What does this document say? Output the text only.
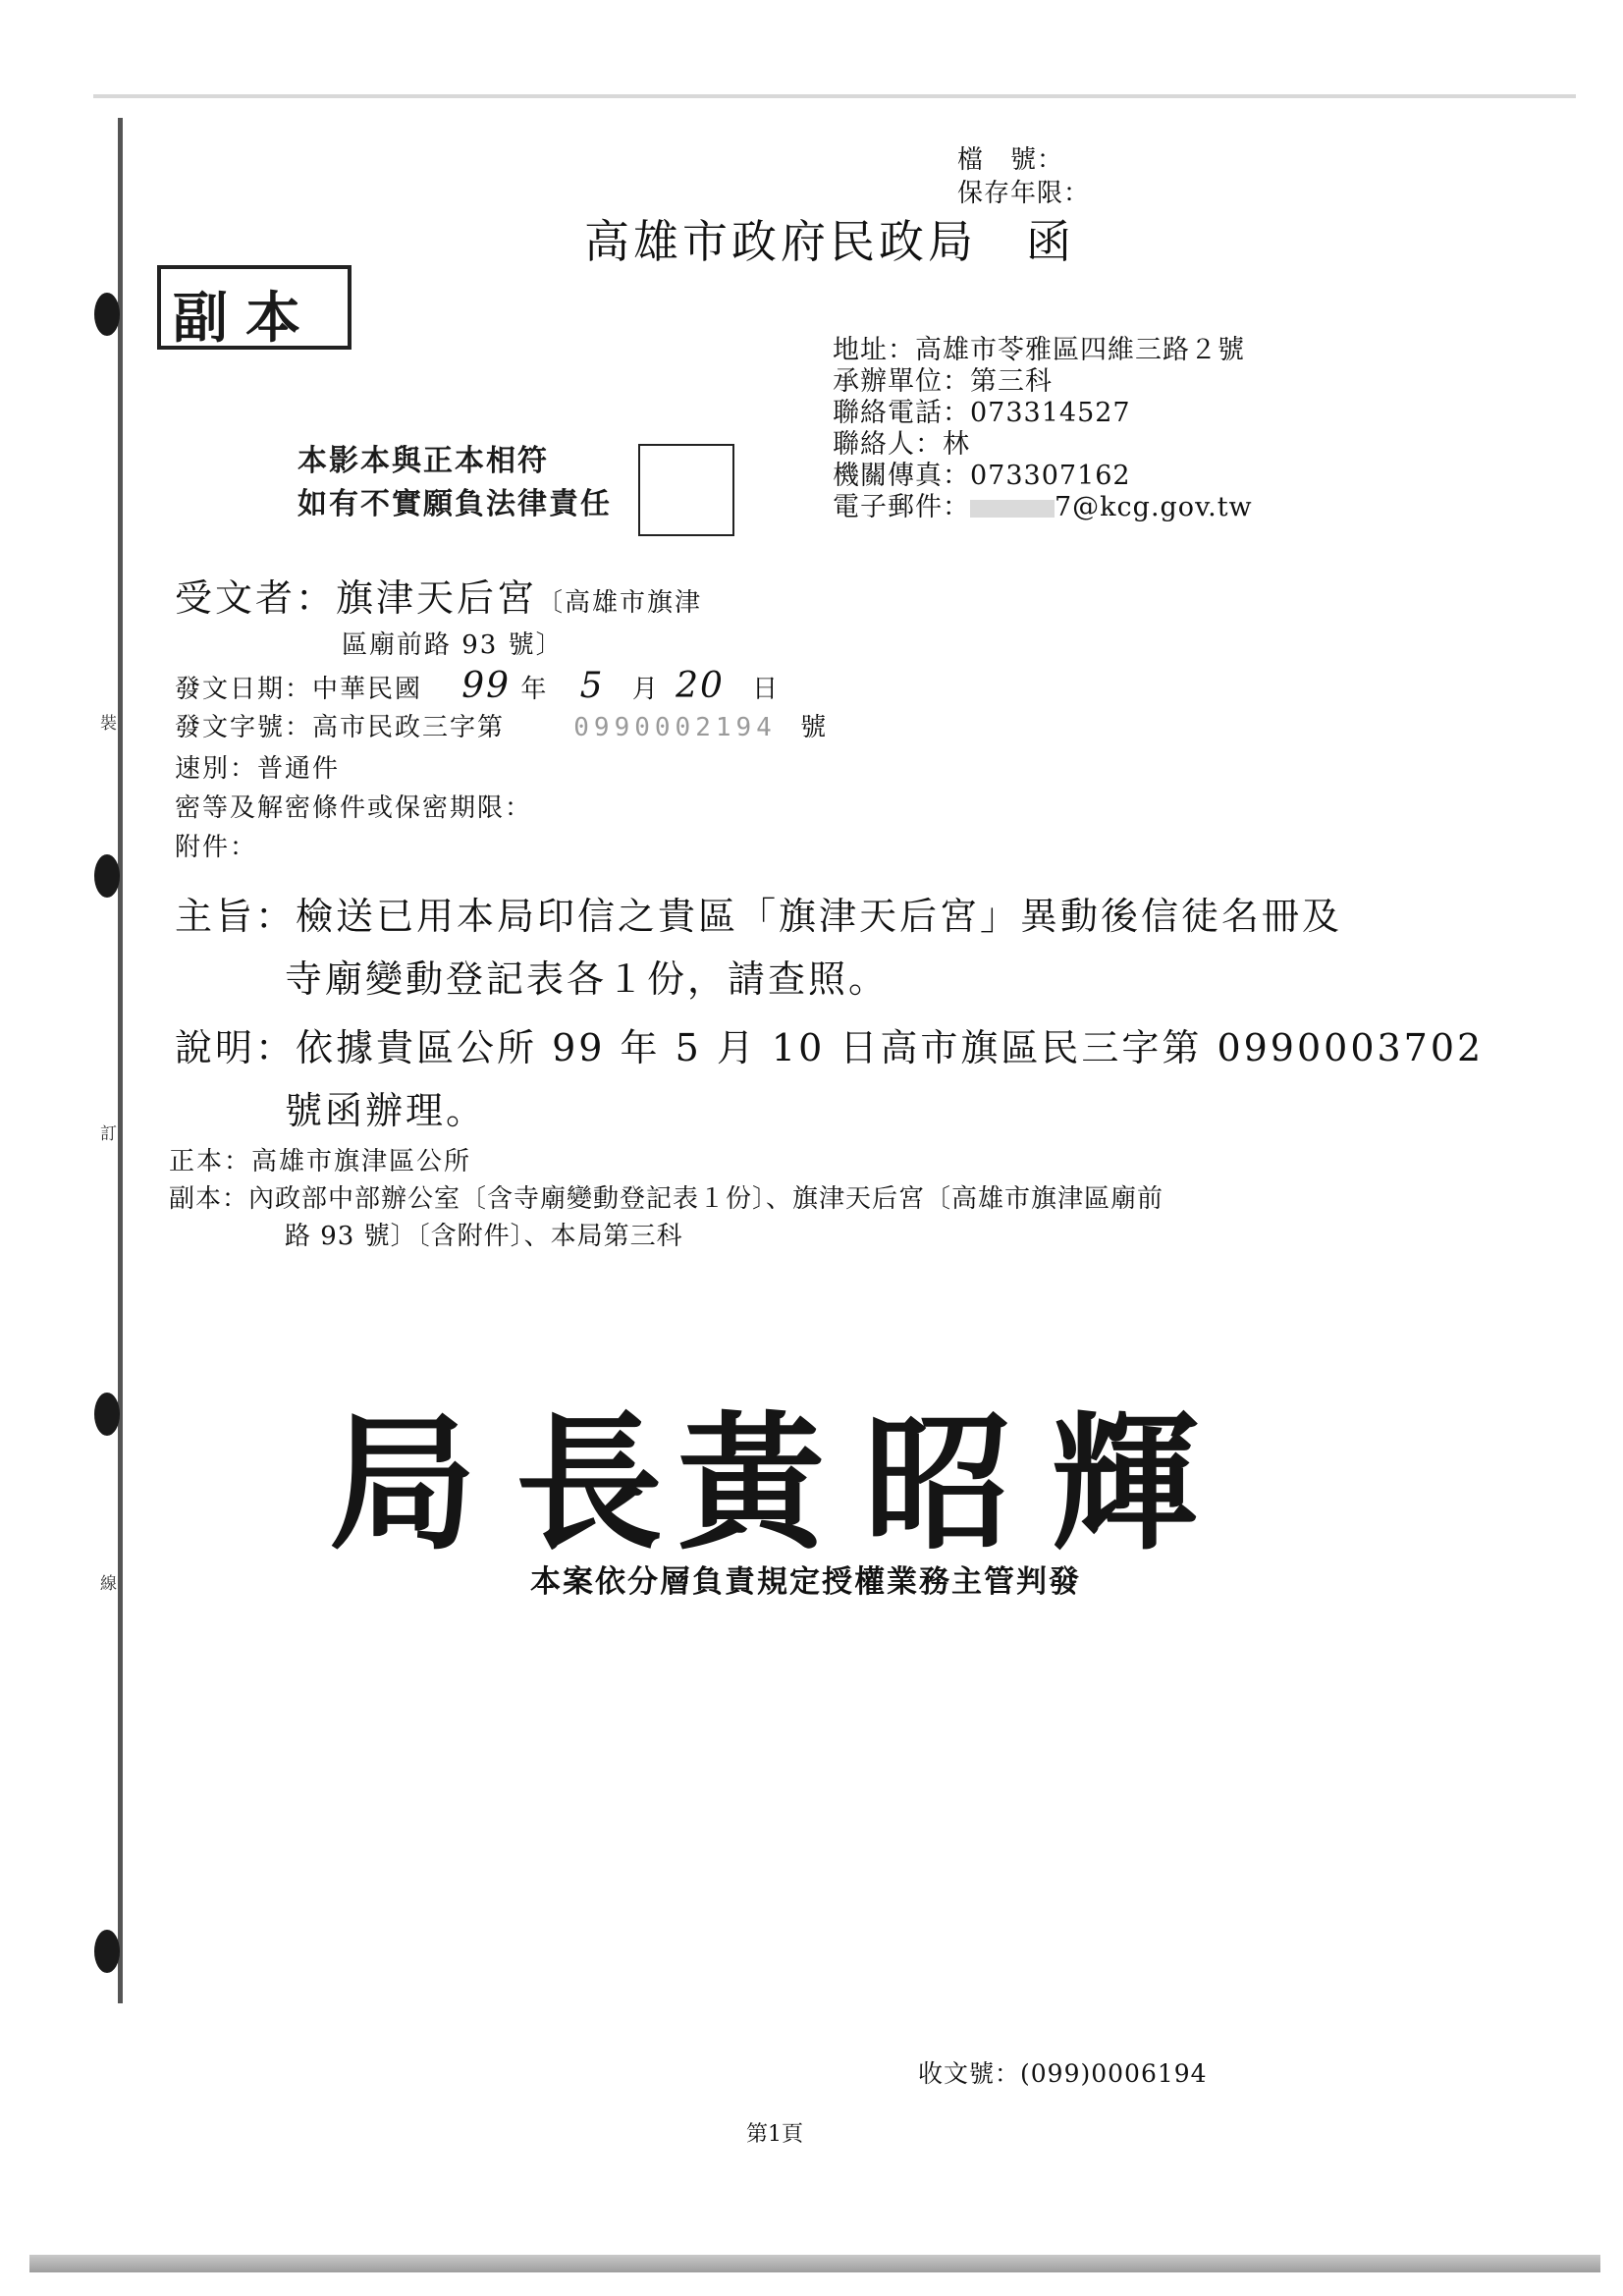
裝
訂
線
檔　號：
保存年限：
高雄市政府民政局　函
副本
本影本與正本相符
如有不實願負法律責任
地址：高雄市苓雅區四維三路２號
承辦單位：第三科
聯絡電話：073314527
聯絡人：林
機關傳真：073307162
電子郵件：	7@kcg.gov.tw
受文者：旗津天后宮〔高雄市旗津
區廟前路 93 號〕
發文日期：中華民國 99 年 5 月 20 日
發文字號：高市民政三字第	0990002194 號
速別：普通件
密等及解密條件或保密期限：
附件：
主旨：檢送已用本局印信之貴區「旗津天后宮」異動後信徒名冊及
寺廟變動登記表各１份，請查照。
說明：依據貴區公所 99 年 5 月 10 日高市旗區民三字第 0990003702
號函辦理。
正本：高雄市旗津區公所
副本：內政部中部辦公室〔含寺廟變動登記表１份〕、旗津天后宮〔高雄市旗津區廟前
路 93 號〕〔含附件〕、本局第三科
局長
黃昭輝
本案依分層負責規定授權業務主管判發
收文號：(099)0006194
第1頁
